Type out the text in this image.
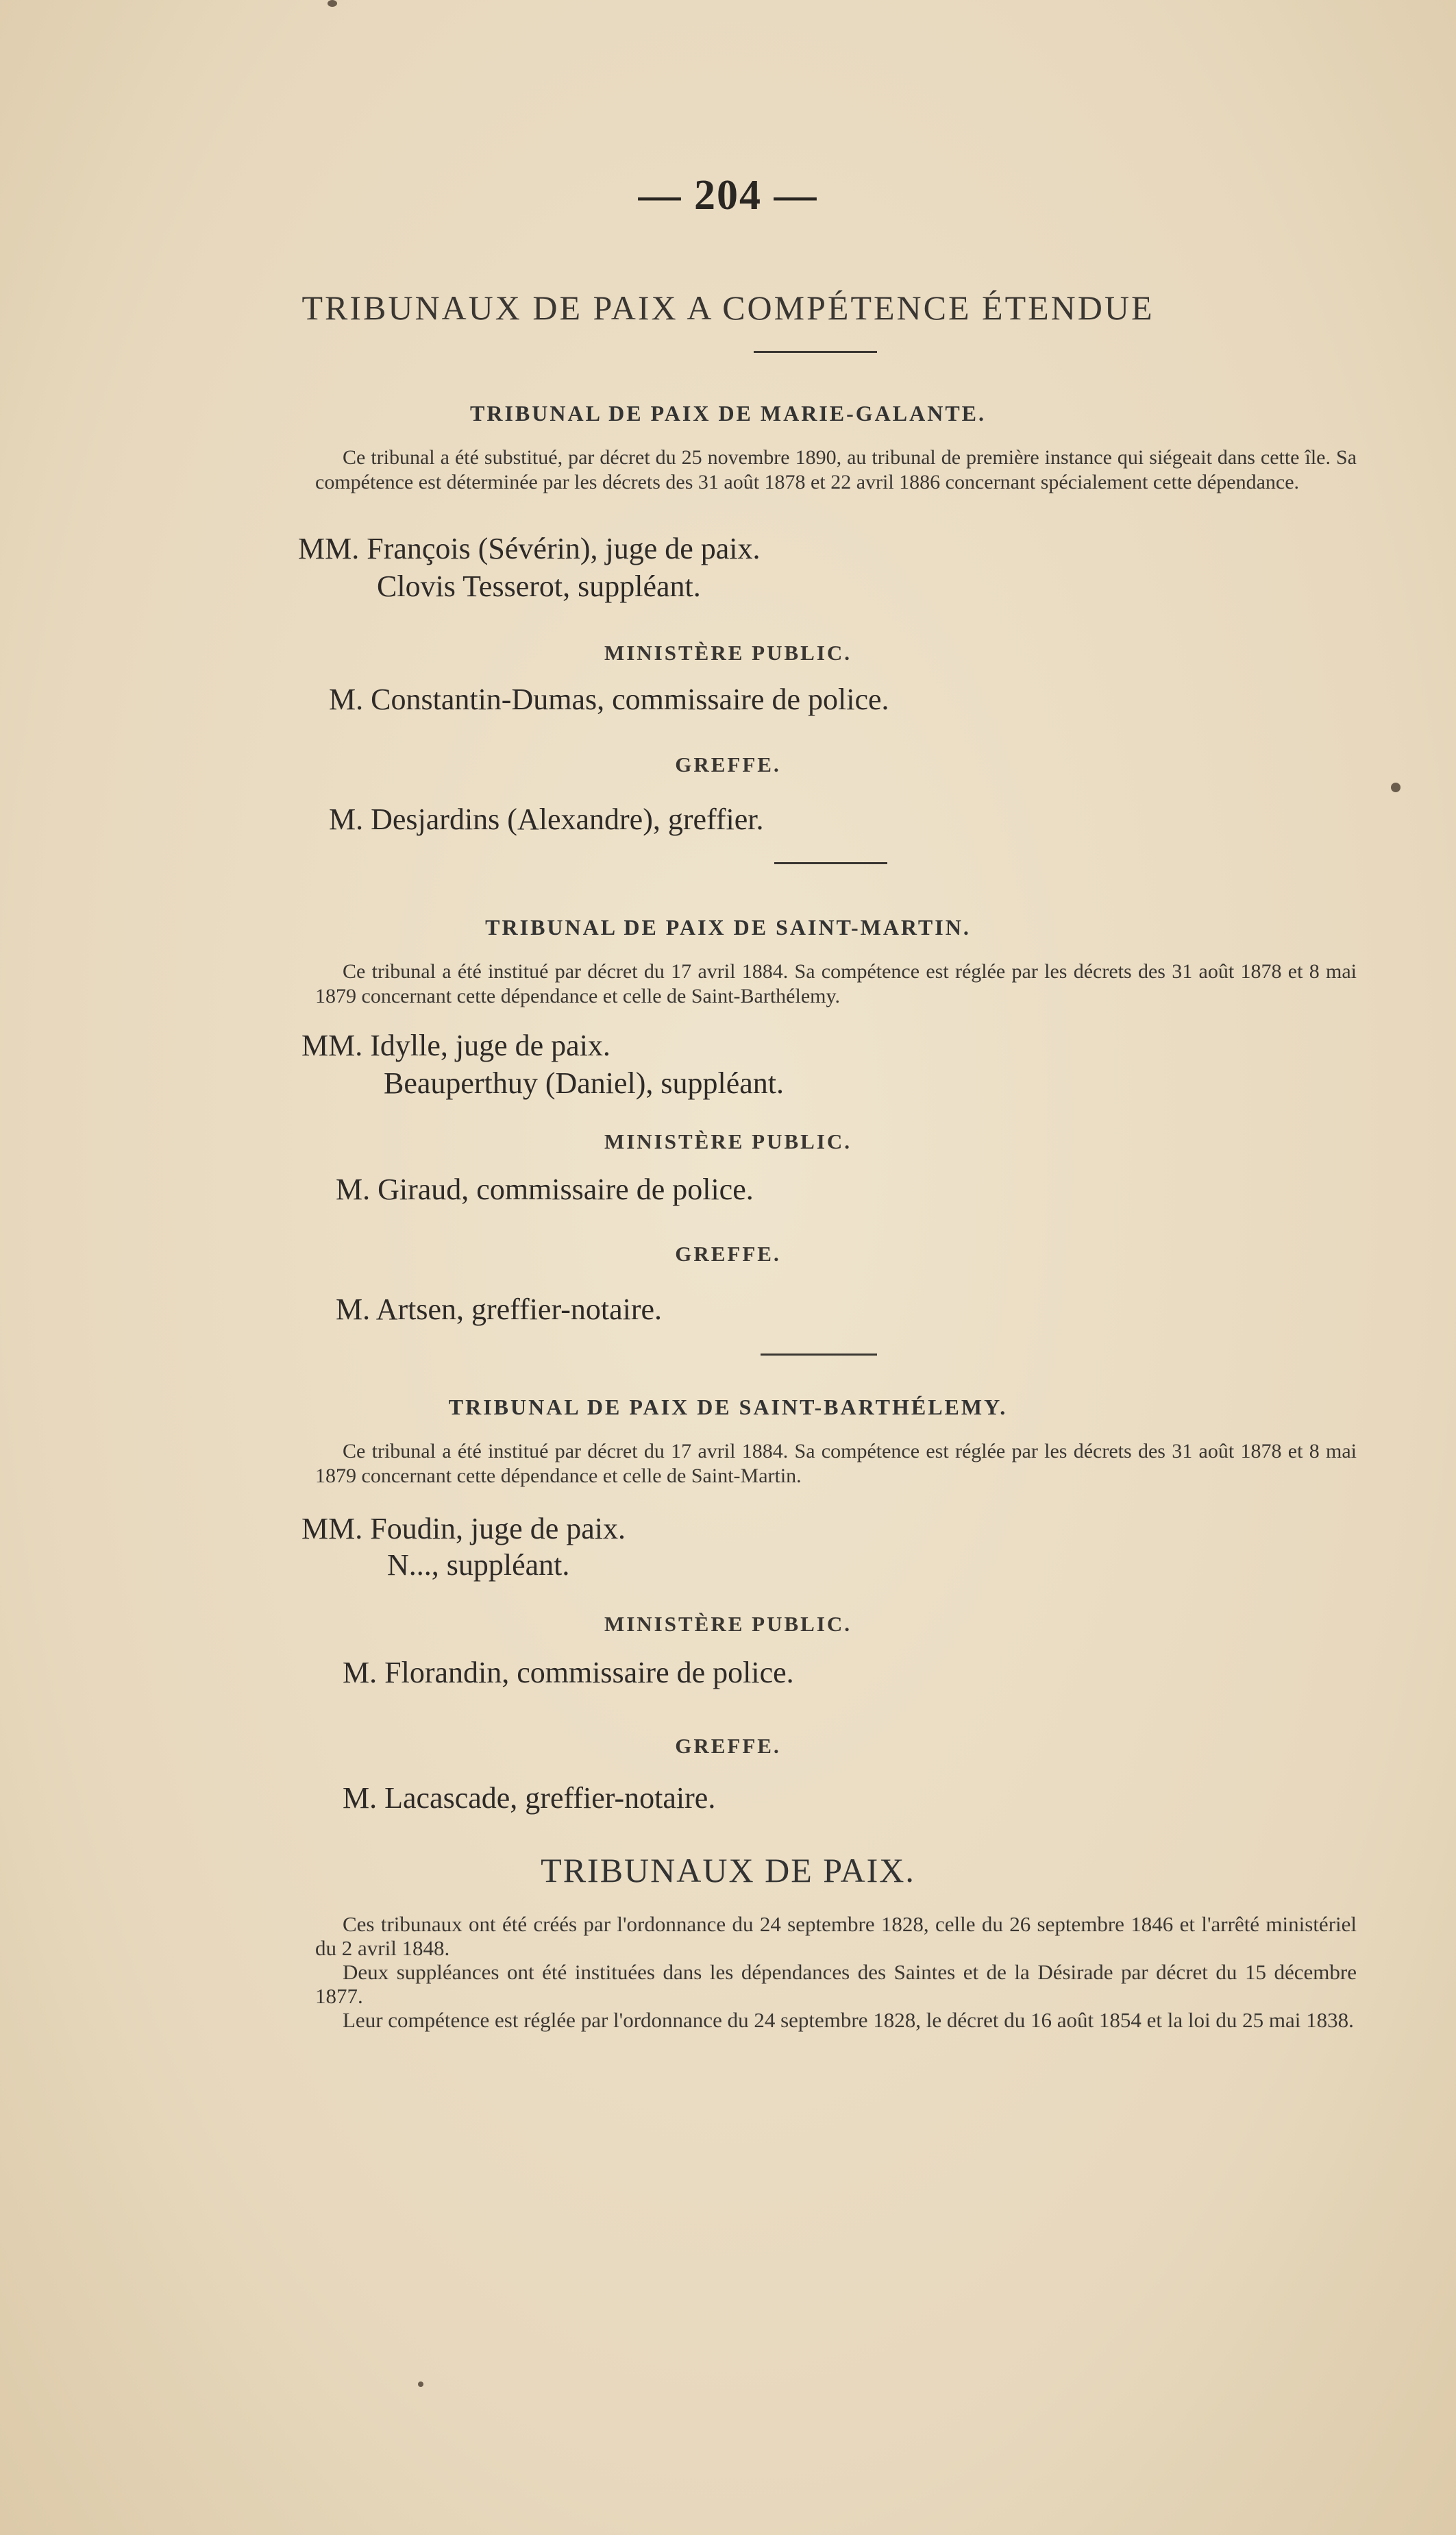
— 204 —
TRIBUNAUX DE PAIX A COMPÉTENCE ÉTENDUE
TRIBUNAL DE PAIX DE MARIE-GALANTE.
Ce tribunal a été substitué, par décret du 25 novembre 1890, au tribunal de première instance qui siégeait dans cette île. Sa compétence est déterminée par les décrets des 31 août 1878 et 22 avril 1886 concernant spécialement cette dépendance.
MM. François (Sévérin), juge de paix.
Clovis Tesserot, suppléant.
MINISTÈRE PUBLIC.
M. Constantin-Dumas, commissaire de police.
GREFFE.
M. Desjardins (Alexandre), greffier.
TRIBUNAL DE PAIX DE SAINT-MARTIN.
Ce tribunal a été institué par décret du 17 avril 1884. Sa compétence est réglée par les décrets des 31 août 1878 et 8 mai 1879 concernant cette dépendance et celle de Saint-Barthélemy.
MM. Idylle, juge de paix.
Beauperthuy (Daniel), suppléant.
MINISTÈRE PUBLIC.
M. Giraud, commissaire de police.
GREFFE.
M. Artsen, greffier-notaire.
TRIBUNAL DE PAIX DE SAINT-BARTHÉLEMY.
Ce tribunal a été institué par décret du 17 avril 1884. Sa compétence est réglée par les décrets des 31 août 1878 et 8 mai 1879 concernant cette dépendance et celle de Saint-Martin.
MM. Foudin, juge de paix.
N..., suppléant.
MINISTÈRE PUBLIC.
M. Florandin, commissaire de police.
GREFFE.
M. Lacascade, greffier-notaire.
TRIBUNAUX DE PAIX.

Ces tribunaux ont été créés par l'ordonnance du 24 septembre 1828, celle du 26 septembre 1846 et l'arrêté ministériel du 2 avril 1848.

Deux suppléances ont été instituées dans les dépendances des Saintes et de la Désirade par décret du 15 décembre 1877.

Leur compétence est réglée par l'ordonnance du 24 septembre 1828, le décret du 16 août 1854 et la loi du 25 mai 1838.
